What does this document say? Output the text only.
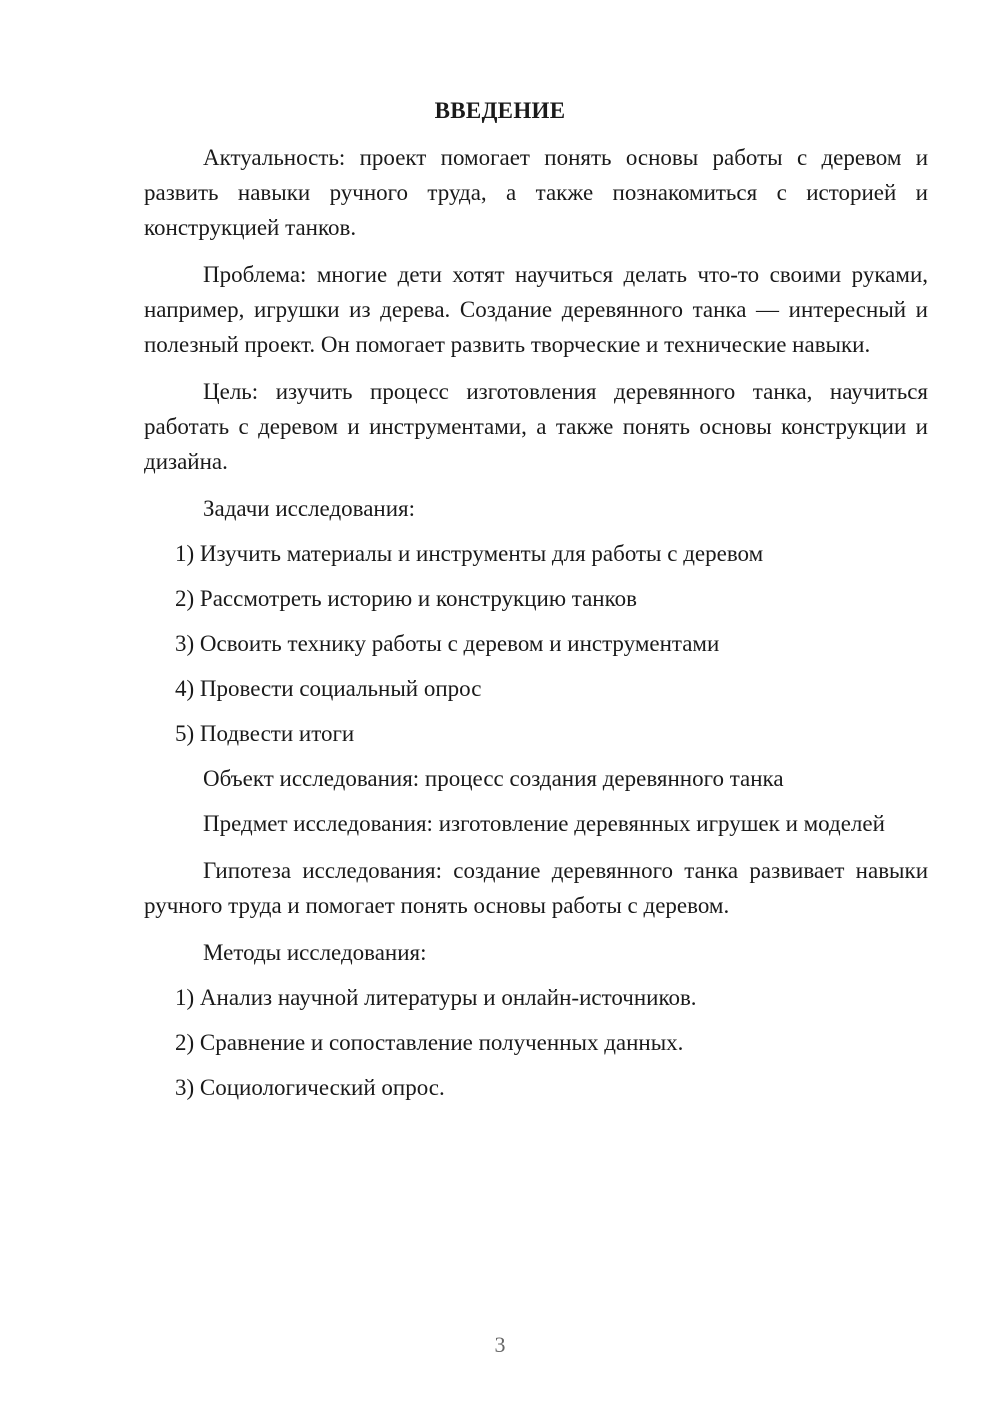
ВВЕДЕНИЕ

Актуальность: проект помогает понять основы работы с деревом и развить навыки ручного труда, а также познакомиться с историей и конструкцией танков.

Проблема: многие дети хотят научиться делать что-то своими руками, например, игрушки из дерева. Создание деревянного танка — интересный и полезный проект. Он помогает развить творческие и технические навыки.

Цель: изучить процесс изготовления деревянного танка, научиться работать с деревом и инструментами, а также понять основы конструкции и дизайна.

Задачи исследования:
1) Изучить материалы и инструменты для работы с деревом
2) Рассмотреть историю и конструкцию танков
3) Освоить технику работы с деревом и инструментами
4) Провести социальный опрос
5) Подвести итоги
Объект исследования: процесс создания деревянного танка

Предмет исследования: изготовление деревянных игрушек и моделей

Гипотеза исследования: создание деревянного танка развивает навыки ручного труда и помогает понять основы работы с деревом.

Методы исследования:
1) Анализ научной литературы и онлайн-источников.
2) Сравнение и сопоставление полученных данных.
3) Социологический опрос.
3
